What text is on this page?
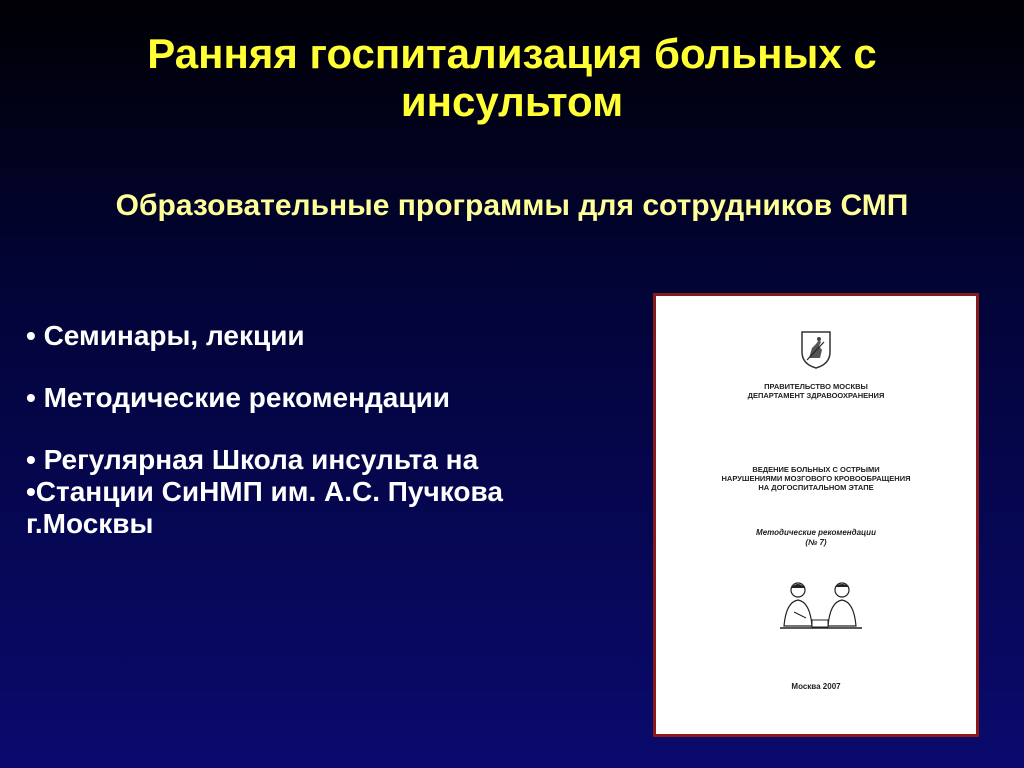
Ранняя госпитализация больных с инсультом
Образовательные программы для сотрудников СМП
• Семинары, лекции
• Методические рекомендации
• Регулярная Школа инсульта на
•Станции СиНМП им. А.С. Пучкова
г.Москвы
ПРАВИТЕЛЬСТВО МОСКВЫ
ДЕПАРТАМЕНТ ЗДРАВООХРАНЕНИЯ
ВЕДЕНИЕ БОЛЬНЫХ С ОСТРЫМИ
НАРУШЕНИЯМИ МОЗГОВОГО КРОВООБРАЩЕНИЯ
НА ДОГОСПИТАЛЬНОМ ЭТАПЕ
Методические рекомендации
(№ 7)
Москва 2007
